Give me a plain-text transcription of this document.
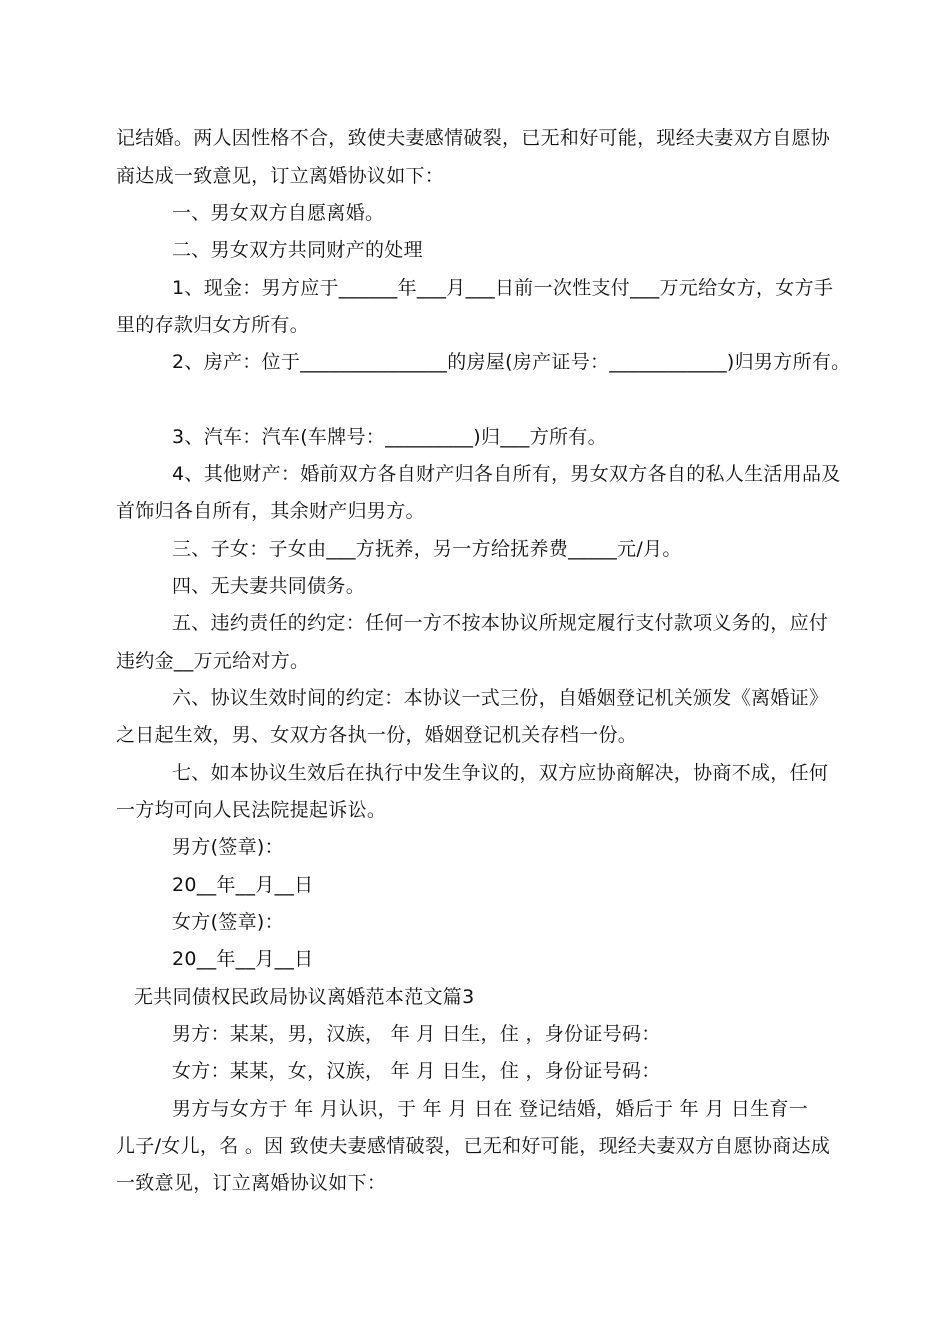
记结婚。两人因性格不合，致使夫妻感情破裂，已无和好可能，现经夫妻双方自愿协
商达成一致意见，订立离婚协议如下：
一、男女双方自愿离婚。
二、男女双方共同财产的处理
1、现金：男方应于______年___月___日前一次性支付___万元给女方，女方手
里的存款归女方所有。
2、房产：位于_______________的房屋(房产证号：____________)归男方所有。
3、汽车：汽车(车牌号：_________)归___方所有。
4、其他财产：婚前双方各自财产归各自所有，男女双方各自的私人生活用品及
首饰归各自所有，其余财产归男方。
三、子女：子女由___方抚养，另一方给抚养费_____元/月。
四、无夫妻共同债务。
五、违约责任的约定：任何一方不按本协议所规定履行支付款项义务的，应付
违约金__万元给对方。
六、协议生效时间的约定：本协议一式三份，自婚姻登记机关颁发《离婚证》
之日起生效，男、女双方各执一份，婚姻登记机关存档一份。
七、如本协议生效后在执行中发生争议的，双方应协商解决，协商不成，任何
一方均可向人民法院提起诉讼。
男方(签章)：
20__年__月__日
女方(签章)：
20__年__月__日
无共同债权民政局协议离婚范本范文篇3
男方：某某，男，汉族， 年 月 日生，住 ，身份证号码：
女方：某某，女，汉族， 年 月 日生，住 ，身份证号码：
男方与女方于 年 月认识，于 年 月 日在 登记结婚，婚后于 年 月 日生育一
儿子/女儿，名 。因 致使夫妻感情破裂，已无和好可能，现经夫妻双方自愿协商达成
一致意见，订立离婚协议如下：
